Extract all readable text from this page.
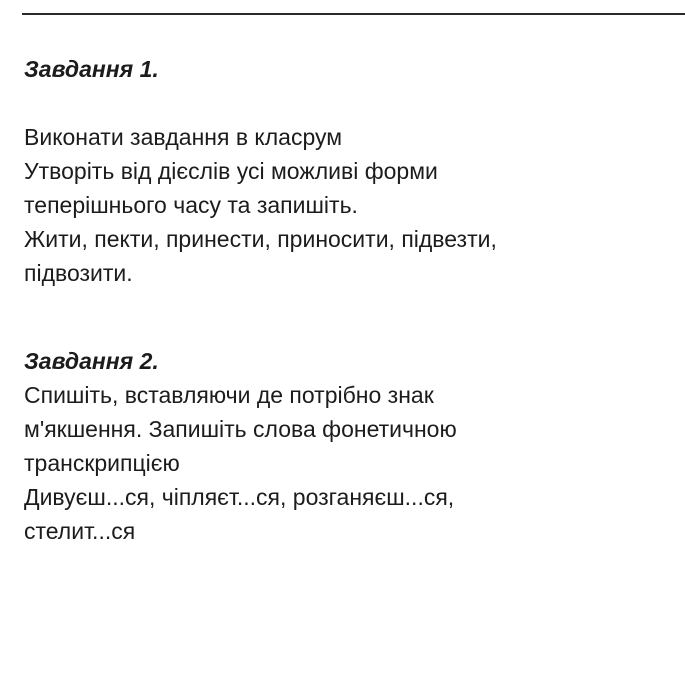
Завдання 1.

Виконати завдання в класрум

Утворіть від дієслів усі можливі форми

теперішнього часу та запишіть.

Жити, пекти, принести, приносити, підвезти,

підвозити.

Завдання 2.

Спишіть, вставляючи де потрібно знак

м'якшення. Запишіть слова фонетичною

транскрипцією

Дивуєш...ся, чіпляєт...ся, розганяєш...ся,

стелит...ся
